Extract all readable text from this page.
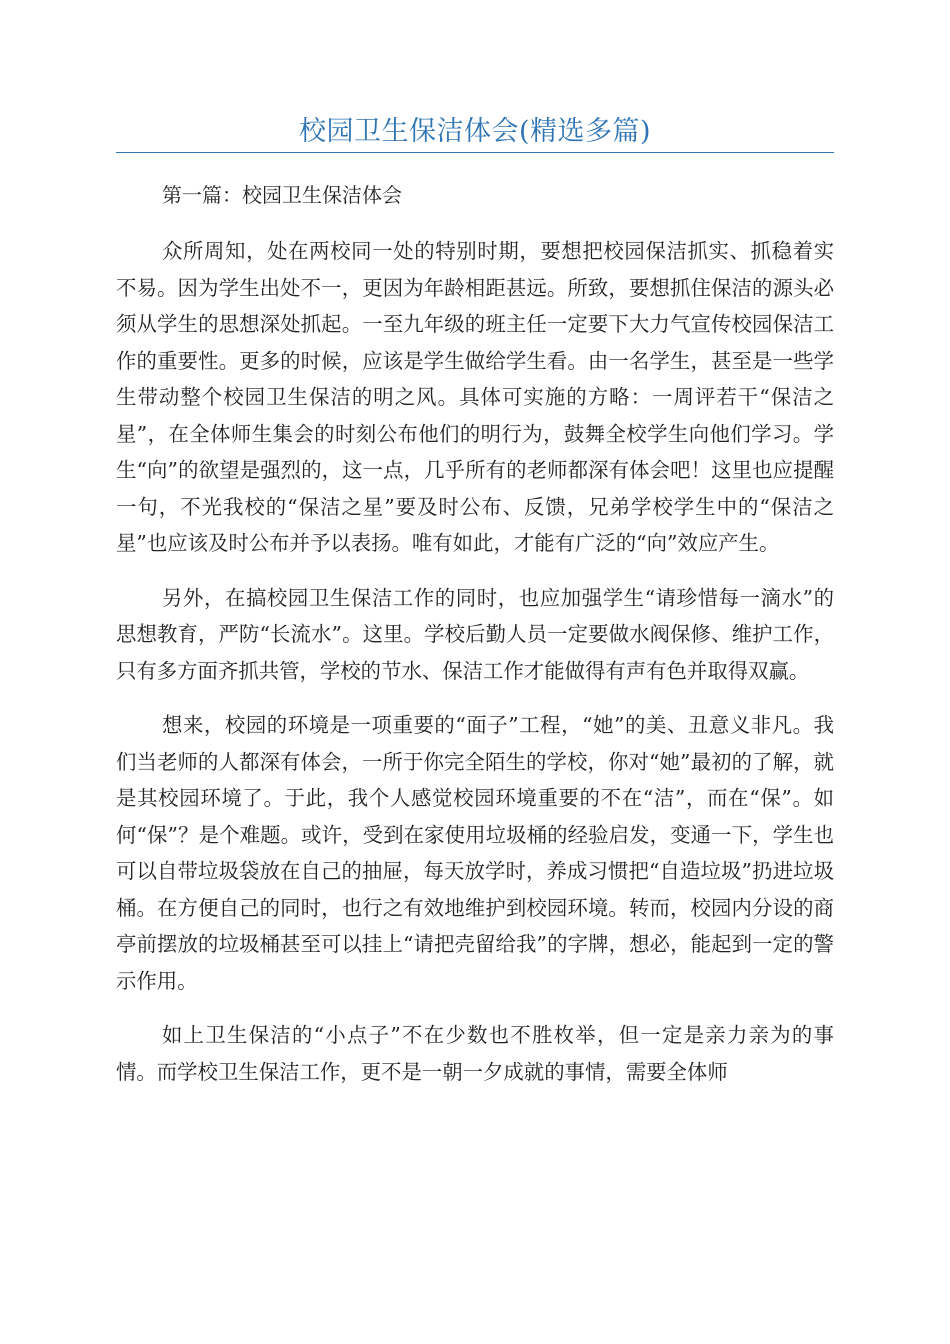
校园卫生保洁体会(精选多篇)

第一篇：校园卫生保洁体会

众所周知，处在两校同一处的特别时期，要想把校园保洁抓实、抓稳着实不易。因为学生出处不一，更因为年龄相距甚远。所致，要想抓住保洁的源头必须从学生的思想深处抓起。一至九年级的班主任一定要下大力气宣传校园保洁工作的重要性。更多的时候，应该是学生做给学生看。由一名学生，甚至是一些学生带动整个校园卫生保洁的明之风。具体可实施的方略：一周评若干“保洁之星”，在全体师生集会的时刻公布他们的明行为，鼓舞全校学生向他们学习。学生“向”的欲望是强烈的，这一点，几乎所有的老师都深有体会吧！这里也应提醒一句，不光我校的“保洁之星”要及时公布、反馈，兄弟学校学生中的“保洁之星”也应该及时公布并予以表扬。唯有如此，才能有广泛的“向”效应产生。

另外，在搞校园卫生保洁工作的同时，也应加强学生“请珍惜每一滴水”的思想教育，严防“长流水”。这里。学校后勤人员一定要做水阀保修、维护工作，只有多方面齐抓共管，学校的节水、保洁工作才能做得有声有色并取得双赢。

想来，校园的环境是一项重要的“面子”工程，“她”的美、丑意义非凡。我们当老师的人都深有体会，一所于你完全陌生的学校，你对“她”最初的了解，就是其校园环境了。于此，我个人感觉校园环境重要的不在“洁”，而在“保”。如何“保”？是个难题。或许，受到在家使用垃圾桶的经验启发，变通一下，学生也可以自带垃圾袋放在自己的抽屉，每天放学时，养成习惯把“自造垃圾”扔进垃圾桶。在方便自己的同时，也行之有效地维护到校园环境。转而，校园内分设的商亭前摆放的垃圾桶甚至可以挂上“请把壳留给我”的字牌，想必，能起到一定的警示作用。

如上卫生保洁的“小点子”不在少数也不胜枚举，但一定是亲力亲为的事情。而学校卫生保洁工作，更不是一朝一夕成就的事情，需要全体师
